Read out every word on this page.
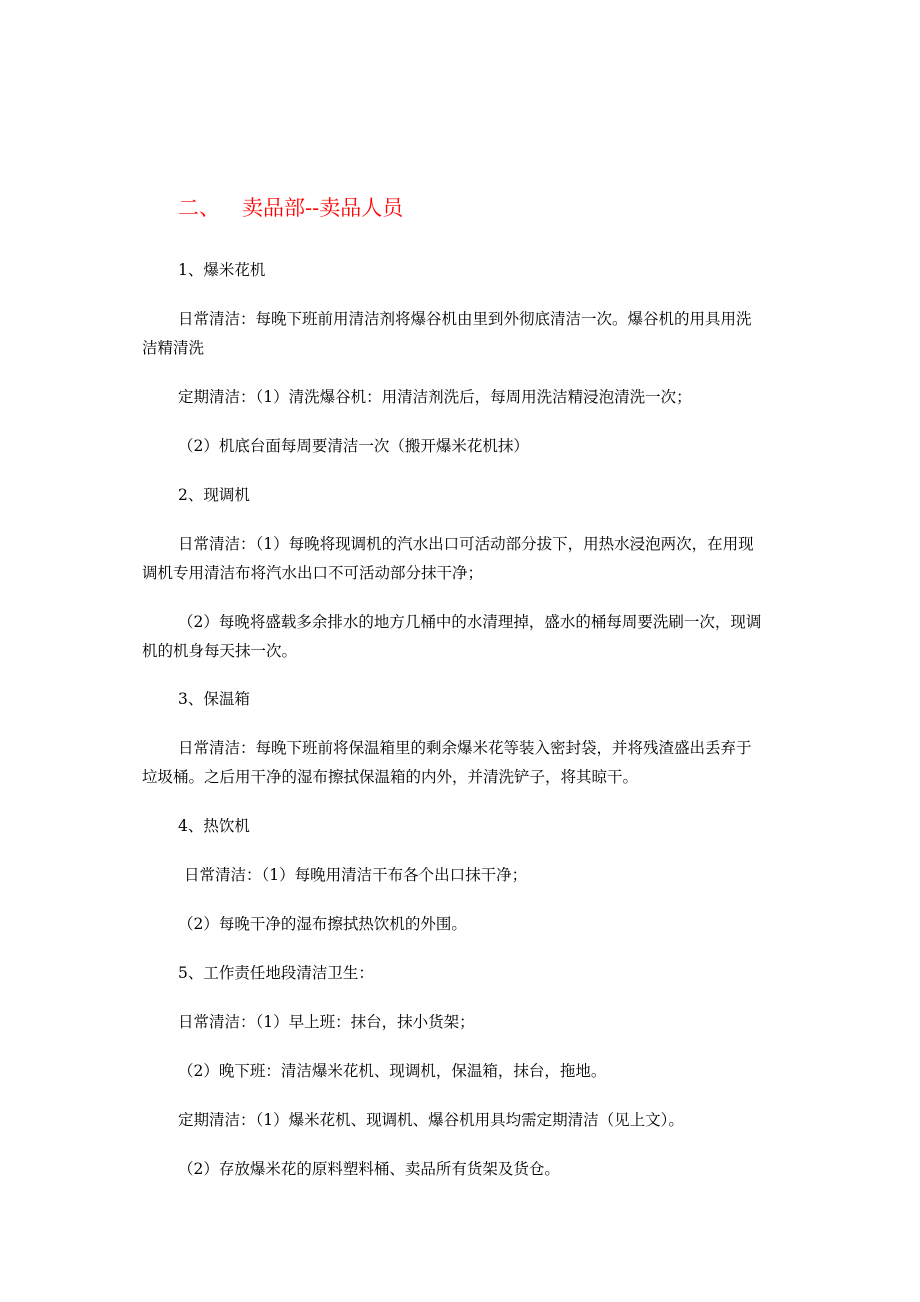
二、 卖品部--卖品人员
1、爆米花机
日常清洁：每晚下班前用清洁剂将爆谷机由里到外彻底清洁一次。爆谷机的用具用洗
洁精清洗
定期清洁：（1）清洗爆谷机：用清洁剂洗后，每周用洗洁精浸泡清洗一次；
（2）机底台面每周要清洁一次（搬开爆米花机抹）
2、现调机
日常清洁：（1）每晚将现调机的汽水出口可活动部分拔下，用热水浸泡两次，在用现
调机专用清洁布将汽水出口不可活动部分抹干净；
（2）每晚将盛载多余排水的地方几桶中的水清理掉，盛水的桶每周要洗刷一次，现调
机的机身每天抹一次。
3、保温箱
日常清洁：每晚下班前将保温箱里的剩余爆米花等装入密封袋，并将残渣盛出丢弃于
垃圾桶。之后用干净的湿布擦拭保温箱的内外，并清洗铲子，将其晾干。
4、热饮机
日常清洁：（1）每晚用清洁干布各个出口抹干净；
（2）每晚干净的湿布擦拭热饮机的外围。
5、工作责任地段清洁卫生：
日常清洁：（1）早上班：抹台，抹小货架；
（2）晚下班：清洁爆米花机、现调机，保温箱，抹台，拖地。
定期清洁：（1）爆米花机、现调机、爆谷机用具均需定期清洁（见上文）。
（2）存放爆米花的原料塑料桶、卖品所有货架及货仓。
